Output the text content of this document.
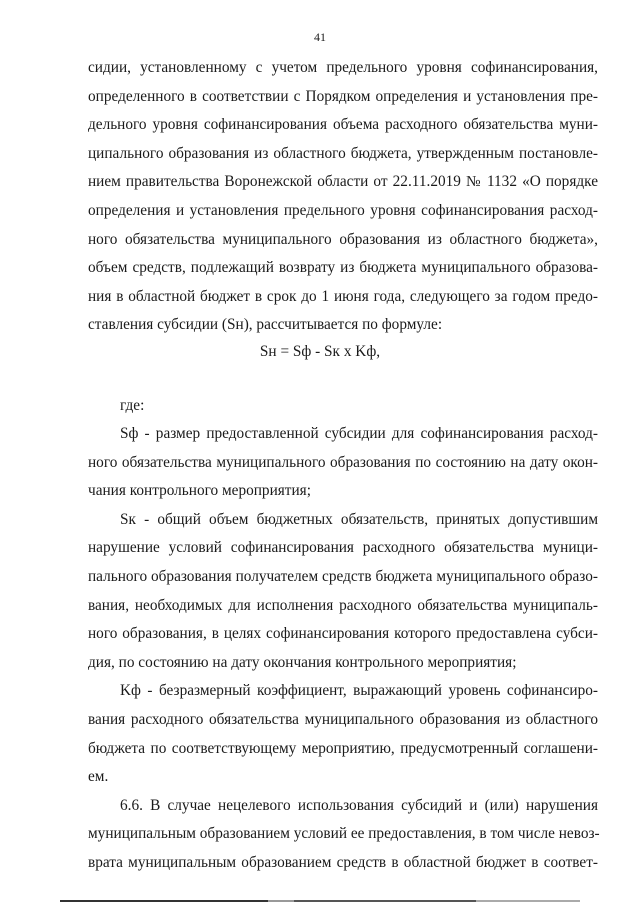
41
Sн = Sф - Sк х Kф,
где:
сидии, установленному с учетом предельного уровня софинансирования,
определенного в соответствии с Порядком определения и установления пре-
дельного уровня софинансирования объема расходного обязательства муни-
ципального образования из областного бюджета, утвержденным постановле-
нием правительства Воронежской области от 22.11.2019 № 1132 «О порядке
определения и установления предельного уровня софинансирования расход-
ного обязательства муниципального образования из областного бюджета»,
объем средств, подлежащий возврату из бюджета муниципального образова-
ния в областной бюджет в срок до 1 июня года, следующего за годом предо-
ставления субсидии (Sн), рассчитывается по формуле:
Sф - размер предоставленной субсидии для софинансирования расход-
ного обязательства муниципального образования по состоянию на дату окон-
чания контрольного мероприятия;
Sк - общий объем бюджетных обязательств, принятых допустившим
нарушение условий софинансирования расходного обязательства муници-
пального образования получателем средств бюджета муниципального образо-
вания, необходимых для исполнения расходного обязательства муниципаль-
ного образования, в целях софинансирования которого предоставлена субси-
дия, по состоянию на дату окончания контрольного мероприятия;
Kф - безразмерный коэффициент, выражающий уровень софинансиро-
вания расходного обязательства муниципального образования из областного
бюджета по соответствующему мероприятию, предусмотренный соглашени-
ем.
6.6. В случае нецелевого использования субсидий и (или) нарушения
муниципальным образованием условий ее предоставления, в том числе невоз-
врата муниципальным образованием средств в областной бюджет в соответ-
